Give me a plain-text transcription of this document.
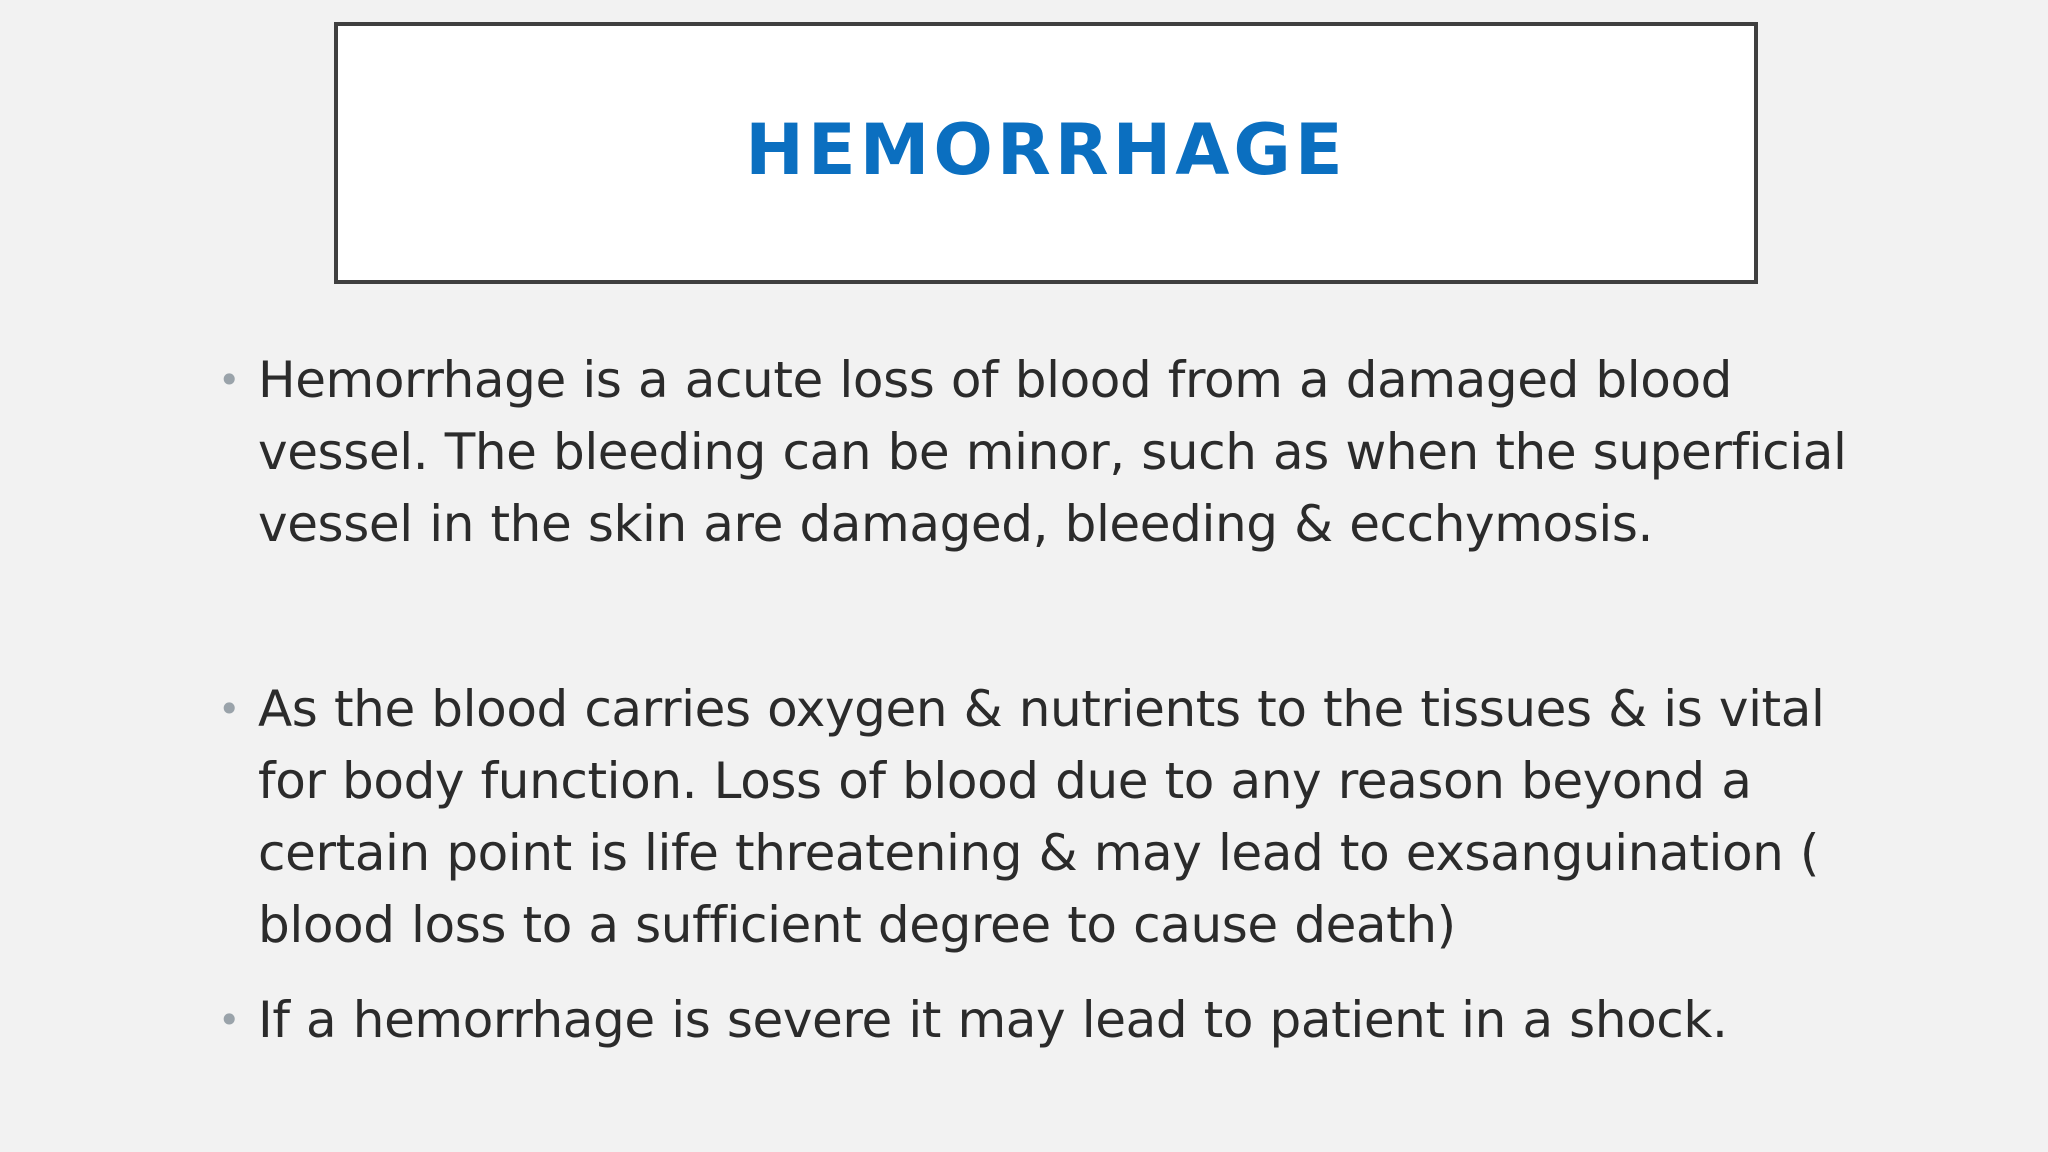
HEMORRHAGE
• Hemorrhage is a acute loss of blood from a damaged blood vessel. The bleeding can be minor, such as when the superficial vessel in the skin are damaged, bleeding & ecchymosis.
• As the blood carries oxygen & nutrients to the tissues & is vital for body function. Loss of blood due to any reason beyond a certain point is life threatening & may lead to exsanguination ( blood loss to a sufficient degree to cause death)
• If a hemorrhage is severe it may lead to patient in a shock.
